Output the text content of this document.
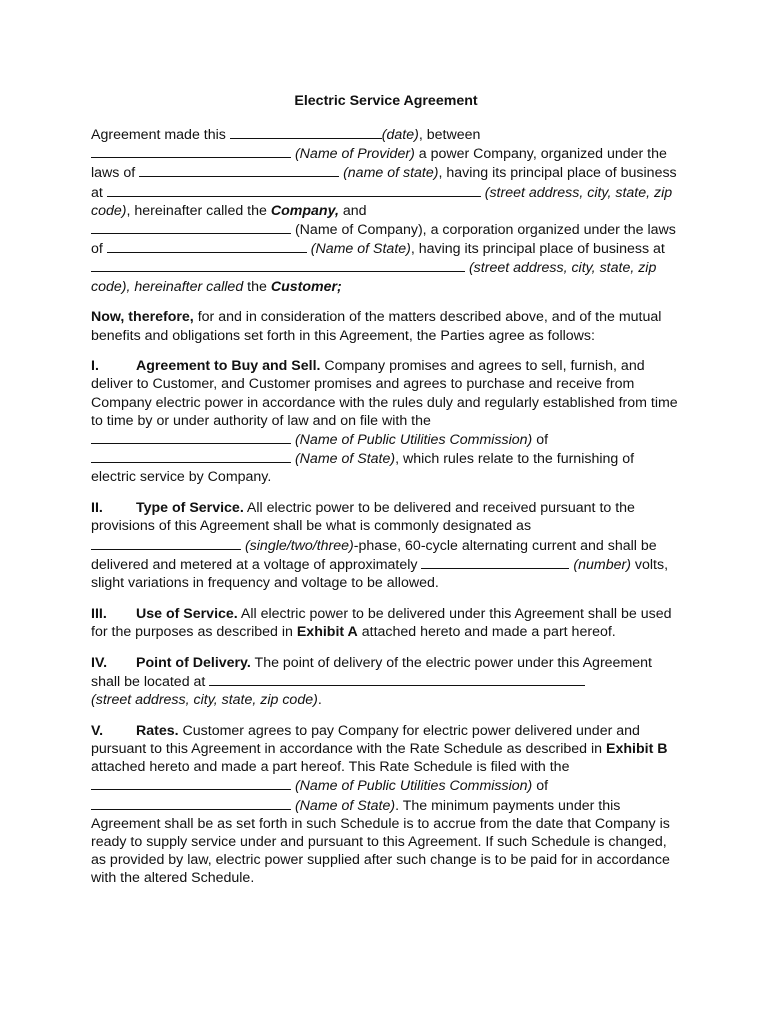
Electric Service Agreement

Agreement made this	(date), between
(Name of Provider) a power Company, organized under the laws of	(name of state), having its principal place of business at	(street address, city, state, zip code), hereinafter called the Company, and
(Name of Company), a corporation organized under the laws of	(Name of State), having its principal place of business at  (street address, city, state, zip code), hereinafter called the Customer;

Now, therefore, for and in consideration of the matters described above, and of the mutual benefits and obligations set forth in this Agreement, the Parties agree as follows:

I.	Agreement to Buy and Sell. Company promises and agrees to sell, furnish, and deliver to Customer, and Customer promises and agrees to purchase and receive from Company electric power in accordance with the rules duly and regularly established from time to time by or under authority of law and on file with the
(Name of Public Utilities Commission) of
(Name of State), which rules relate to the furnishing of electric service by Company.

II. Type of Service. All electric power to be delivered and received pursuant to the provisions of this Agreement shall be what is commonly designated as
(single/two/three)-phase, 60-cycle alternating current and shall be delivered and metered at a voltage of approximately	(number) volts, slight variations in frequency and voltage to be allowed.

III. Use of Service. All electric power to be delivered under this Agreement shall be used for the purposes as described in Exhibit A attached hereto and made a part hereof.

IV. Point of Delivery. The point of delivery of the electric power under this Agreement shall be located at
(street address, city, state, zip code).

V. Rates. Customer agrees to pay Company for electric power delivered under and pursuant to this Agreement in accordance with the Rate Schedule as described in Exhibit B attached hereto and made a part hereof. This Rate Schedule is filed with the  (Name of Public Utilities Commission) of
(Name of State). The minimum payments under this Agreement shall be as set forth in such Schedule is to accrue from the date that Company is ready to supply service under and pursuant to this Agreement. If such Schedule is changed, as provided by law, electric power supplied after such change is to be paid for in accordance with the altered Schedule.
